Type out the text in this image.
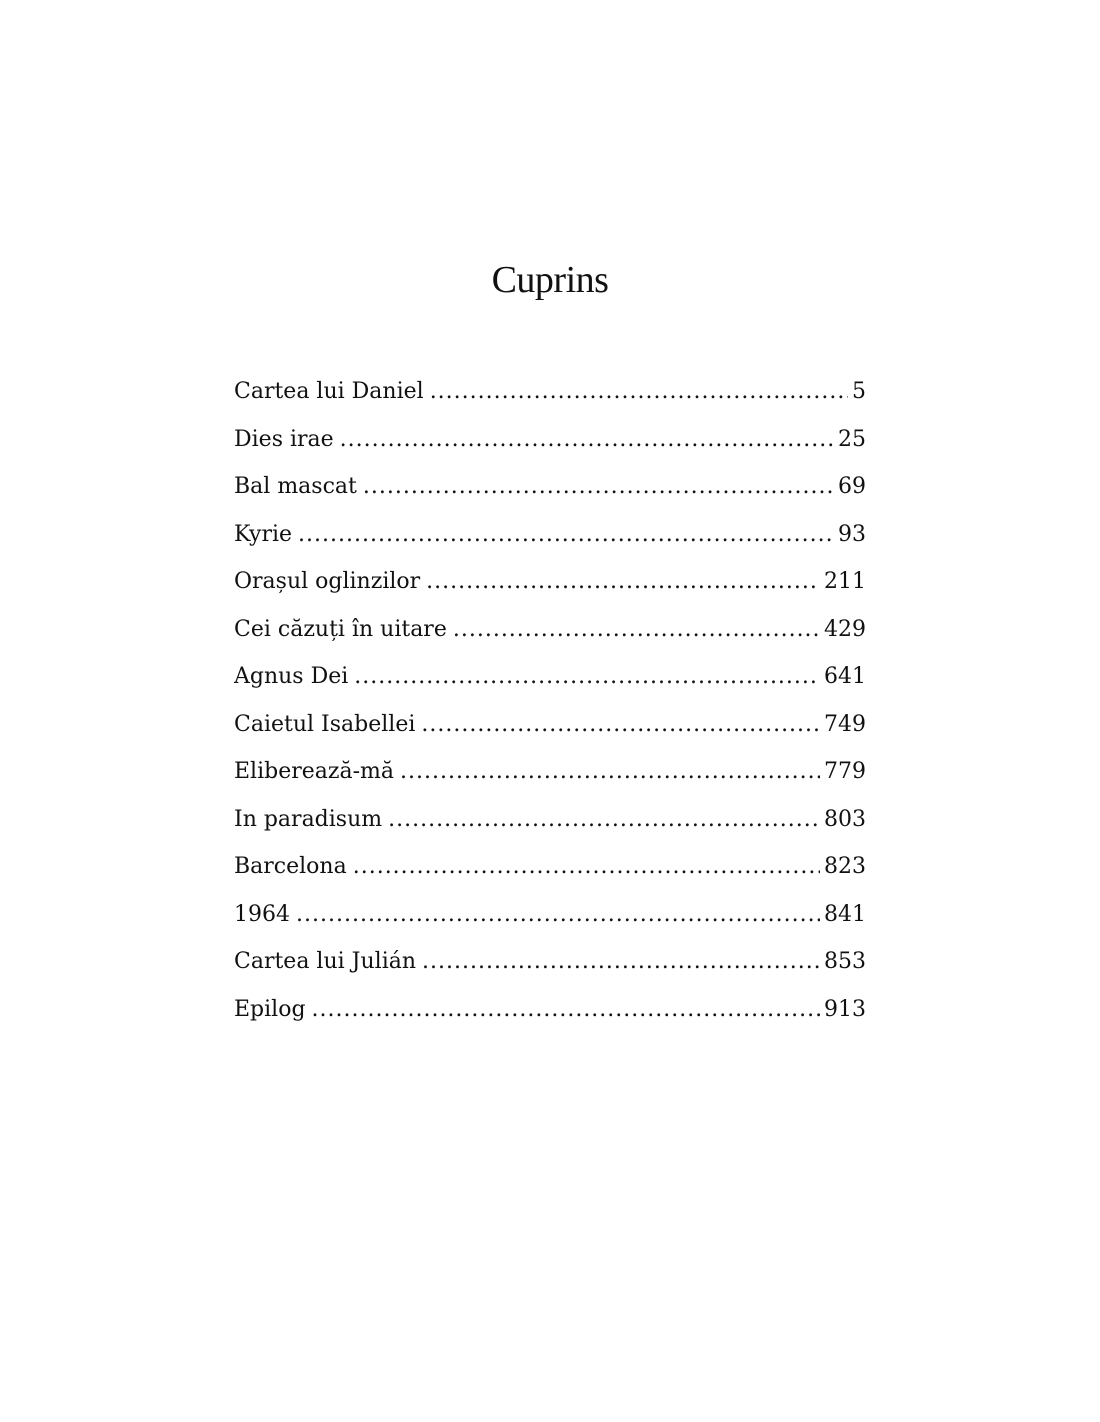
Cuprins
Cartea lui Daniel .....	5
Dies irae .....	25
Bal mascat .....	69
Kyrie .....	93
Orașul oglinzilor .....	211
Cei căzuți în uitare .....	429
Agnus Dei .....	641
Caietul Isabellei .....	749
Eliberează-mă .....	779
In paradisum .....	803
Barcelona .....	823
1964 .....	841
Cartea lui Julián .....	853
Epilog .....	913
